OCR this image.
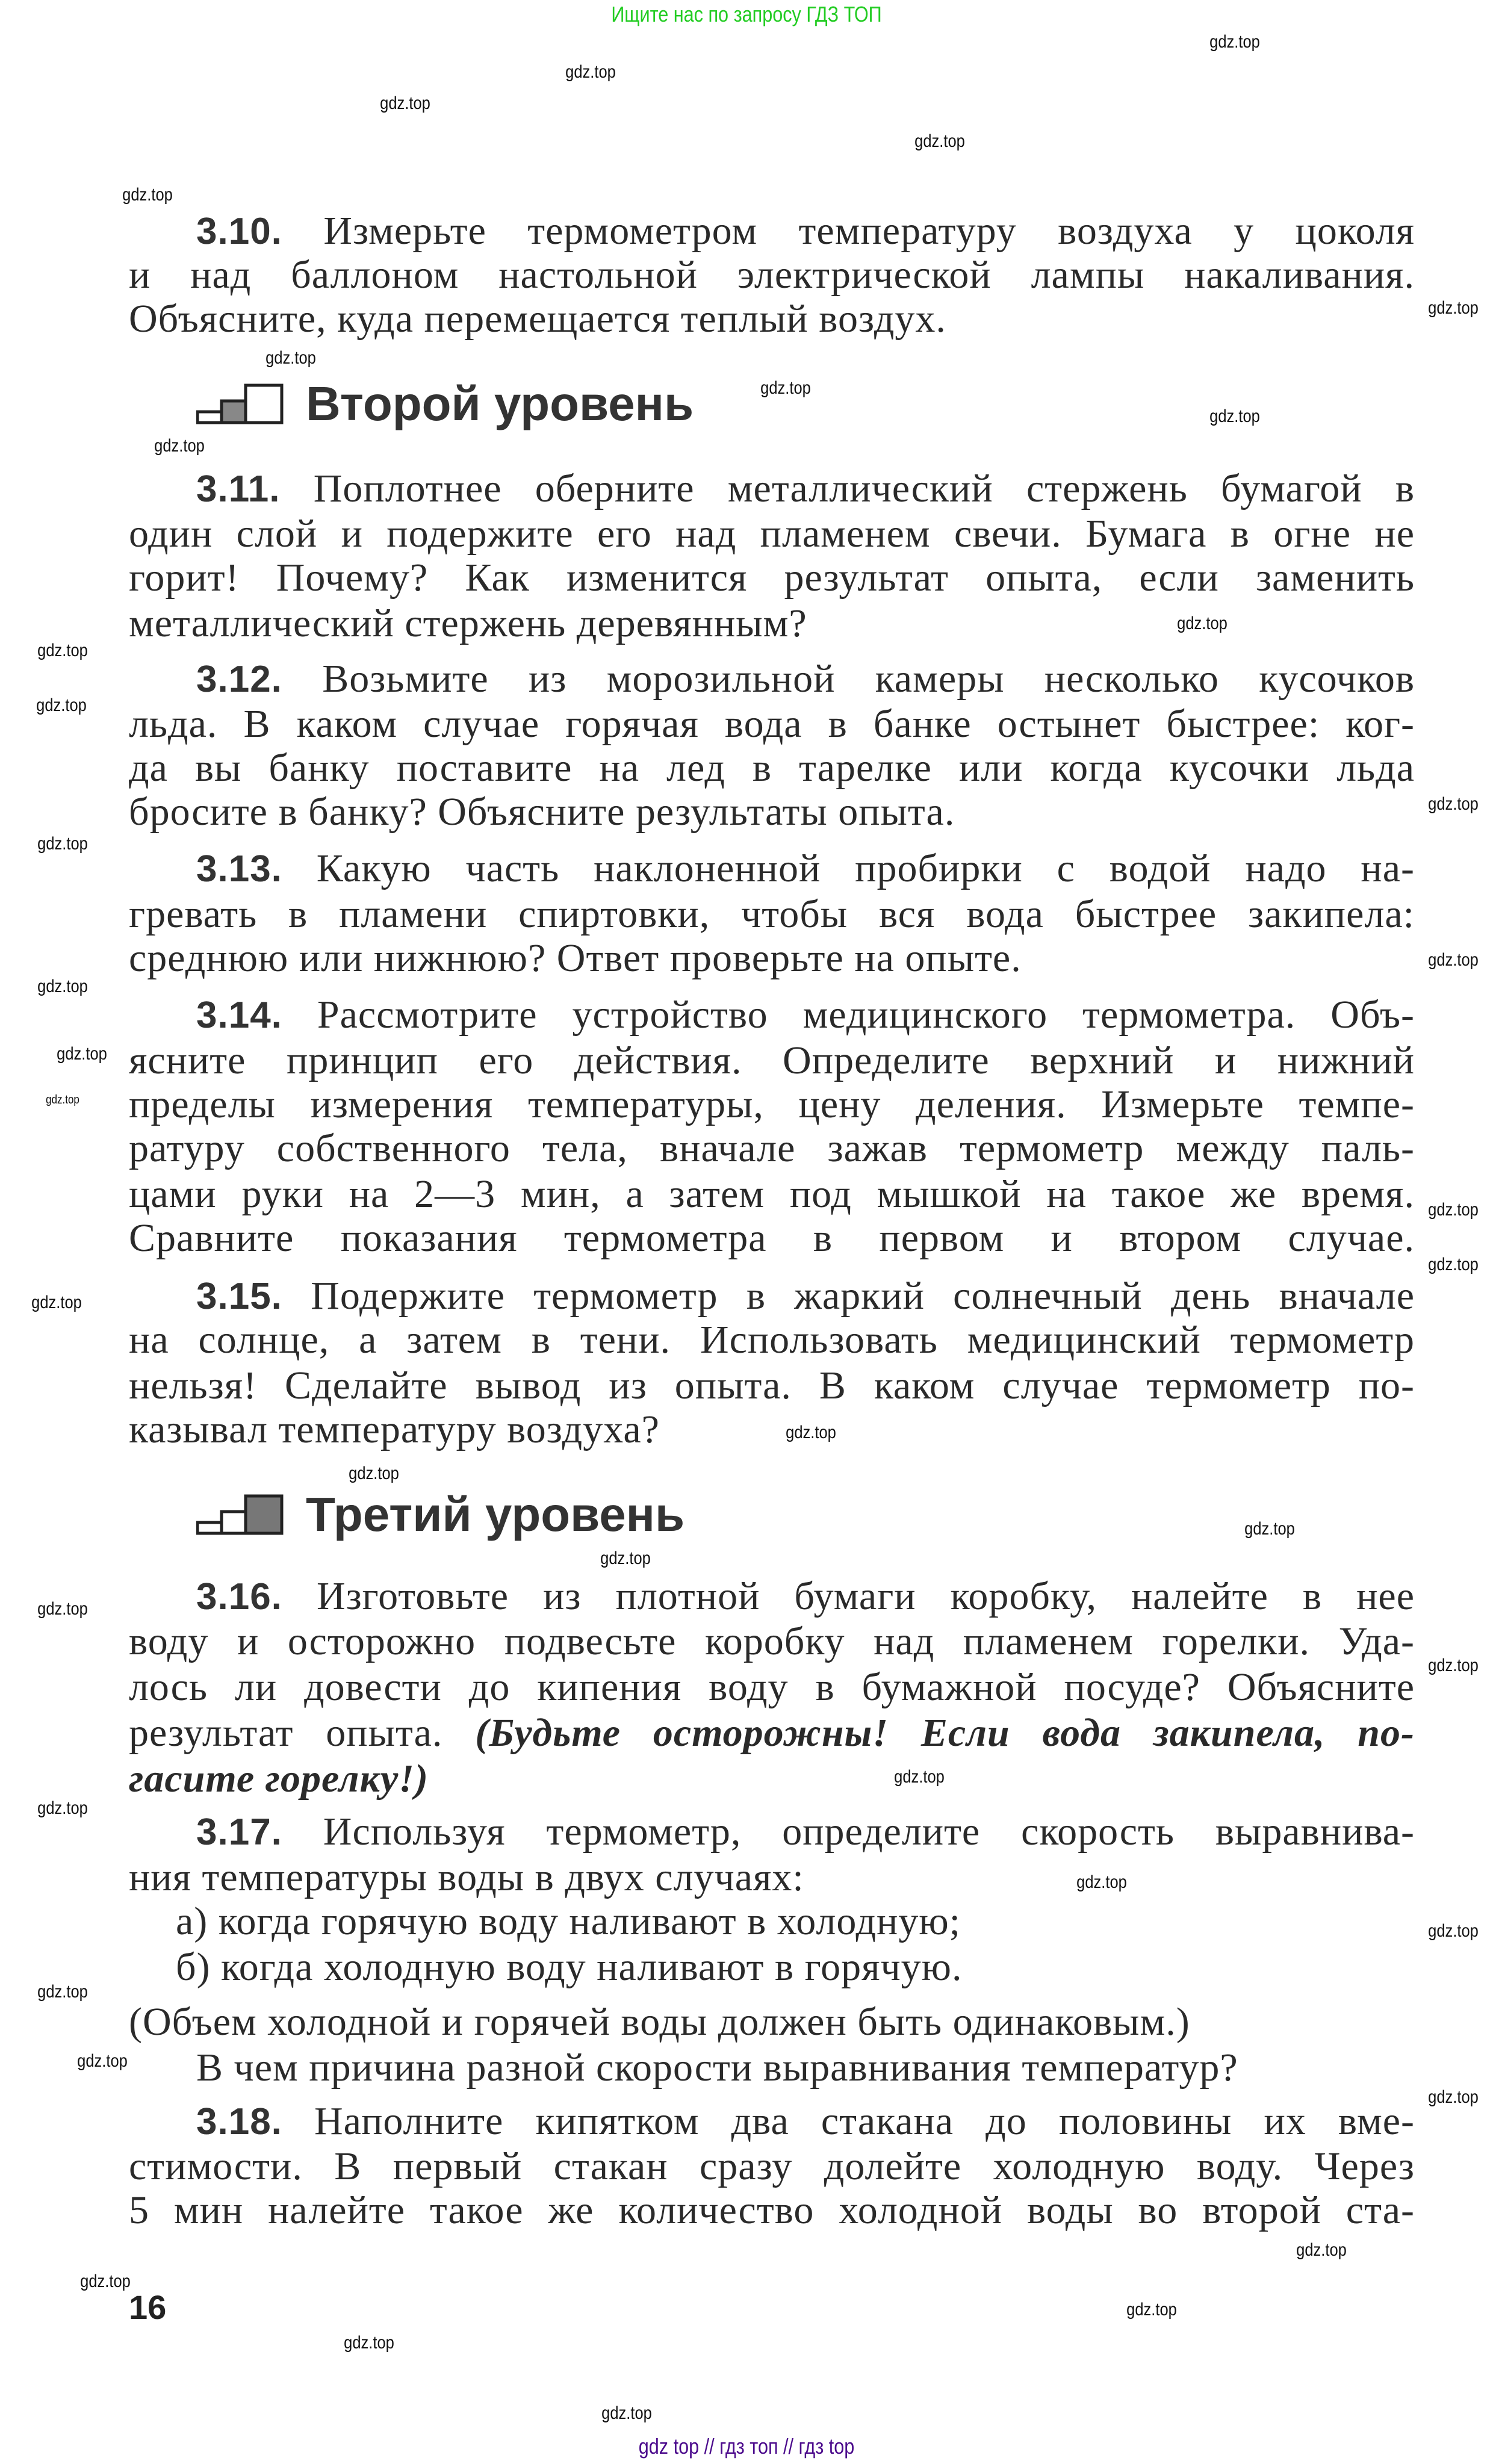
Ищите нас по запросу ГДЗ ТОП
3.10. Измерьте термометром температуру воздуха у цоколя
и над баллоном настольной электрической лампы накаливания.
Объясните, куда перемещается теплый воздух.
3.11. Поплотнее оберните металлический стержень бумагой в
один слой и подержите его над пламенем свечи. Бумага в огне не
горит! Почему? Как изменится результат опыта, если заменить
металлический стержень деревянным?
3.12. Возьмите из морозильной камеры несколько кусочков
льда. В каком случае горячая вода в банке остынет быстрее: ког-
да вы банку поставите на лед в тарелке или когда кусочки льда
бросите в банку? Объясните результаты опыта.
3.13. Какую часть наклоненной пробирки с водой надо на-
гревать в пламени спиртовки, чтобы вся вода быстрее закипела:
среднюю или нижнюю? Ответ проверьте на опыте.
3.14. Рассмотрите устройство медицинского термометра. Объ-
ясните принцип его действия. Определите верхний и нижний
пределы измерения температуры, цену деления. Измерьте темпе-
ратуру собственного тела, вначале зажав термометр между паль-
цами руки на 2—3 мин, а затем под мышкой на такое же время.
Сравните показания термометра в первом и втором случае.
3.15. Подержите термометр в жаркий солнечный день вначале
на солнце, а затем в тени. Использовать медицинский термометр
нельзя! Сделайте вывод из опыта. В каком случае термометр по-
казывал температуру воздуха?
3.16. Изготовьте из плотной бумаги коробку, налейте в нее
воду и осторожно подвесьте коробку над пламенем горелки. Уда-
лось ли довести до кипения воду в бумажной посуде? Объясните
результат опыта. (Будьте осторожны! Если вода закипела, по-
гасите горелку!)
3.17. Используя термометр, определите скорость выравнива-
ния температуры воды в двух случаях:
а) когда горячую воду наливают в холодную;
б) когда холодную воду наливают в горячую.
(Объем холодной и горячей воды должен быть одинаковым.)
В чем причина разной скорости выравнивания температур?
3.18. Наполните кипятком два стакана до половины их вме-
стимости. В первый стакан сразу долейте холодную воду. Через
5 мин налейте такое же количество холодной воды во второй ста-
Второй уровень
Третий уровень
gdz.top
gdz.top
gdz.top
gdz.top
gdz.top
gdz.top
gdz.top
gdz.top
gdz.top
gdz.top
gdz.top
gdz.top
gdz.top
gdz.top
gdz.top
gdz.top
gdz.top
gdz.top
gdz.top
gdz.top
gdz.top
gdz.top
gdz.top
gdz.top
gdz.top
gdz.top
gdz.top
gdz.top
gdz.top
gdz.top
gdz.top
gdz.top
gdz.top
gdz.top
gdz.top
gdz.top
gdz.top
gdz.top
gdz.top
gdz.top
16
gdz top // гдз топ // гдз top
